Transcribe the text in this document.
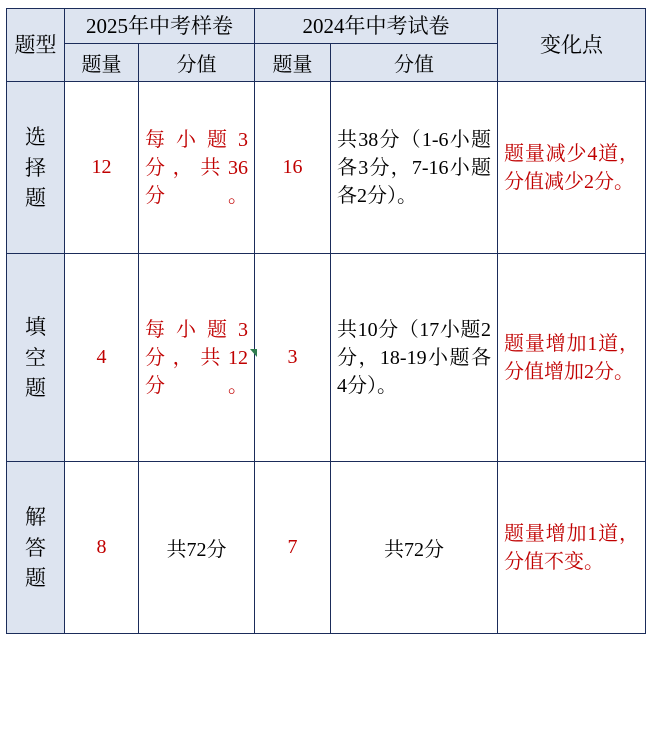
题型	2025年中考样卷		2024年中考试卷		变化点
	题量	分值	题量	分值	

选
择
题	12	每小题3分，共36分。	16	共38分（1-6小题各3分，7-16小题各2分）。	题量减少4道，分值减少2分。

填
空
题	4	每小题3分，共12分。	3	共10分（17小题2分，18-19小题各4分）。	题量增加1道，分值增加2分。

解
答
题	8	共72分	7	共72分	题量增加1道，分值不变。
